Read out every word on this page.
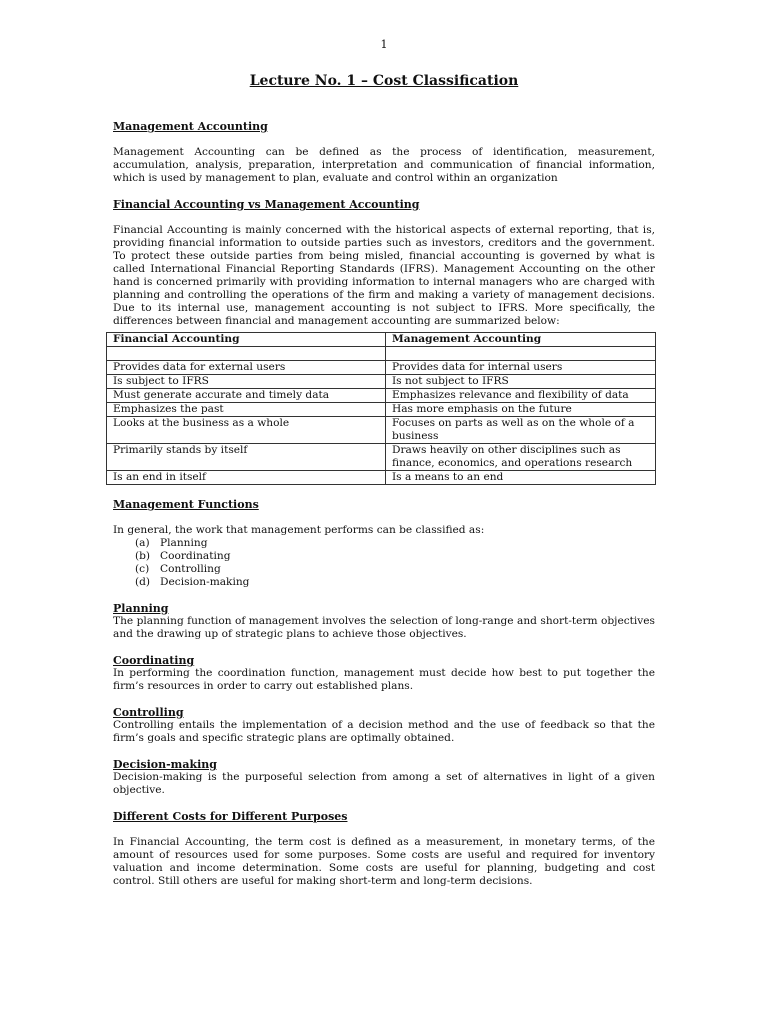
1
Lecture No. 1 – Cost Classification

Management Accounting

Management Accounting can be defined as the process of identification, measurement, accumulation, analysis, preparation, interpretation and communication of financial information, which is used by management to plan, evaluate and control within an organization

Financial Accounting vs Management Accounting

Financial Accounting is mainly concerned with the historical aspects of external reporting, that is, providing financial information to outside parties such as investors, creditors and the government. To protect these outside parties from being misled, financial accounting is governed by what is called International Financial Reporting Standards (IFRS). Management Accounting on the other hand is concerned primarily with providing information to internal managers who are charged with planning and controlling the operations of the firm and making a variety of management decisions. Due to its internal use, management accounting is not subject to IFRS. More specifically, the differences between financial and management accounting are summarized below:

Financial Accounting	Management Accounting

Provides data for external users	Provides data for internal users
Is subject to IFRS	Is not subject to IFRS
Must generate accurate and timely data	Emphasizes relevance and flexibility of data
Emphasizes the past	Has more emphasis on the future
Looks at the business as a whole	Focuses on parts as well as on the whole of a business
Primarily stands by itself	Draws heavily on other disciplines such as finance, economics, and operations research
Is an end in itself	Is a means to an end

Management Functions

In general, the work that management performs can be classified as:

(a) Planning
(b) Coordinating
(c) Controlling
(d) Decision-making

Planning

The planning function of management involves the selection of long-range and short-term objectives and the drawing up of strategic plans to achieve those objectives.

Coordinating

In performing the coordination function, management must decide how best to put together the firm’s resources in order to carry out established plans.

Controlling

Controlling entails the implementation of a decision method and the use of feedback so that the firm’s goals and specific strategic plans are optimally obtained.

Decision-making

Decision-making is the purposeful selection from among a set of alternatives in light of a given objective.

Different Costs for Different Purposes

In Financial Accounting, the term cost is defined as a measurement, in monetary terms, of the amount of resources used for some purposes. Some costs are useful and required for inventory valuation and income determination. Some costs are useful for planning, budgeting and cost control. Still others are useful for making short-term and long-term decisions.
